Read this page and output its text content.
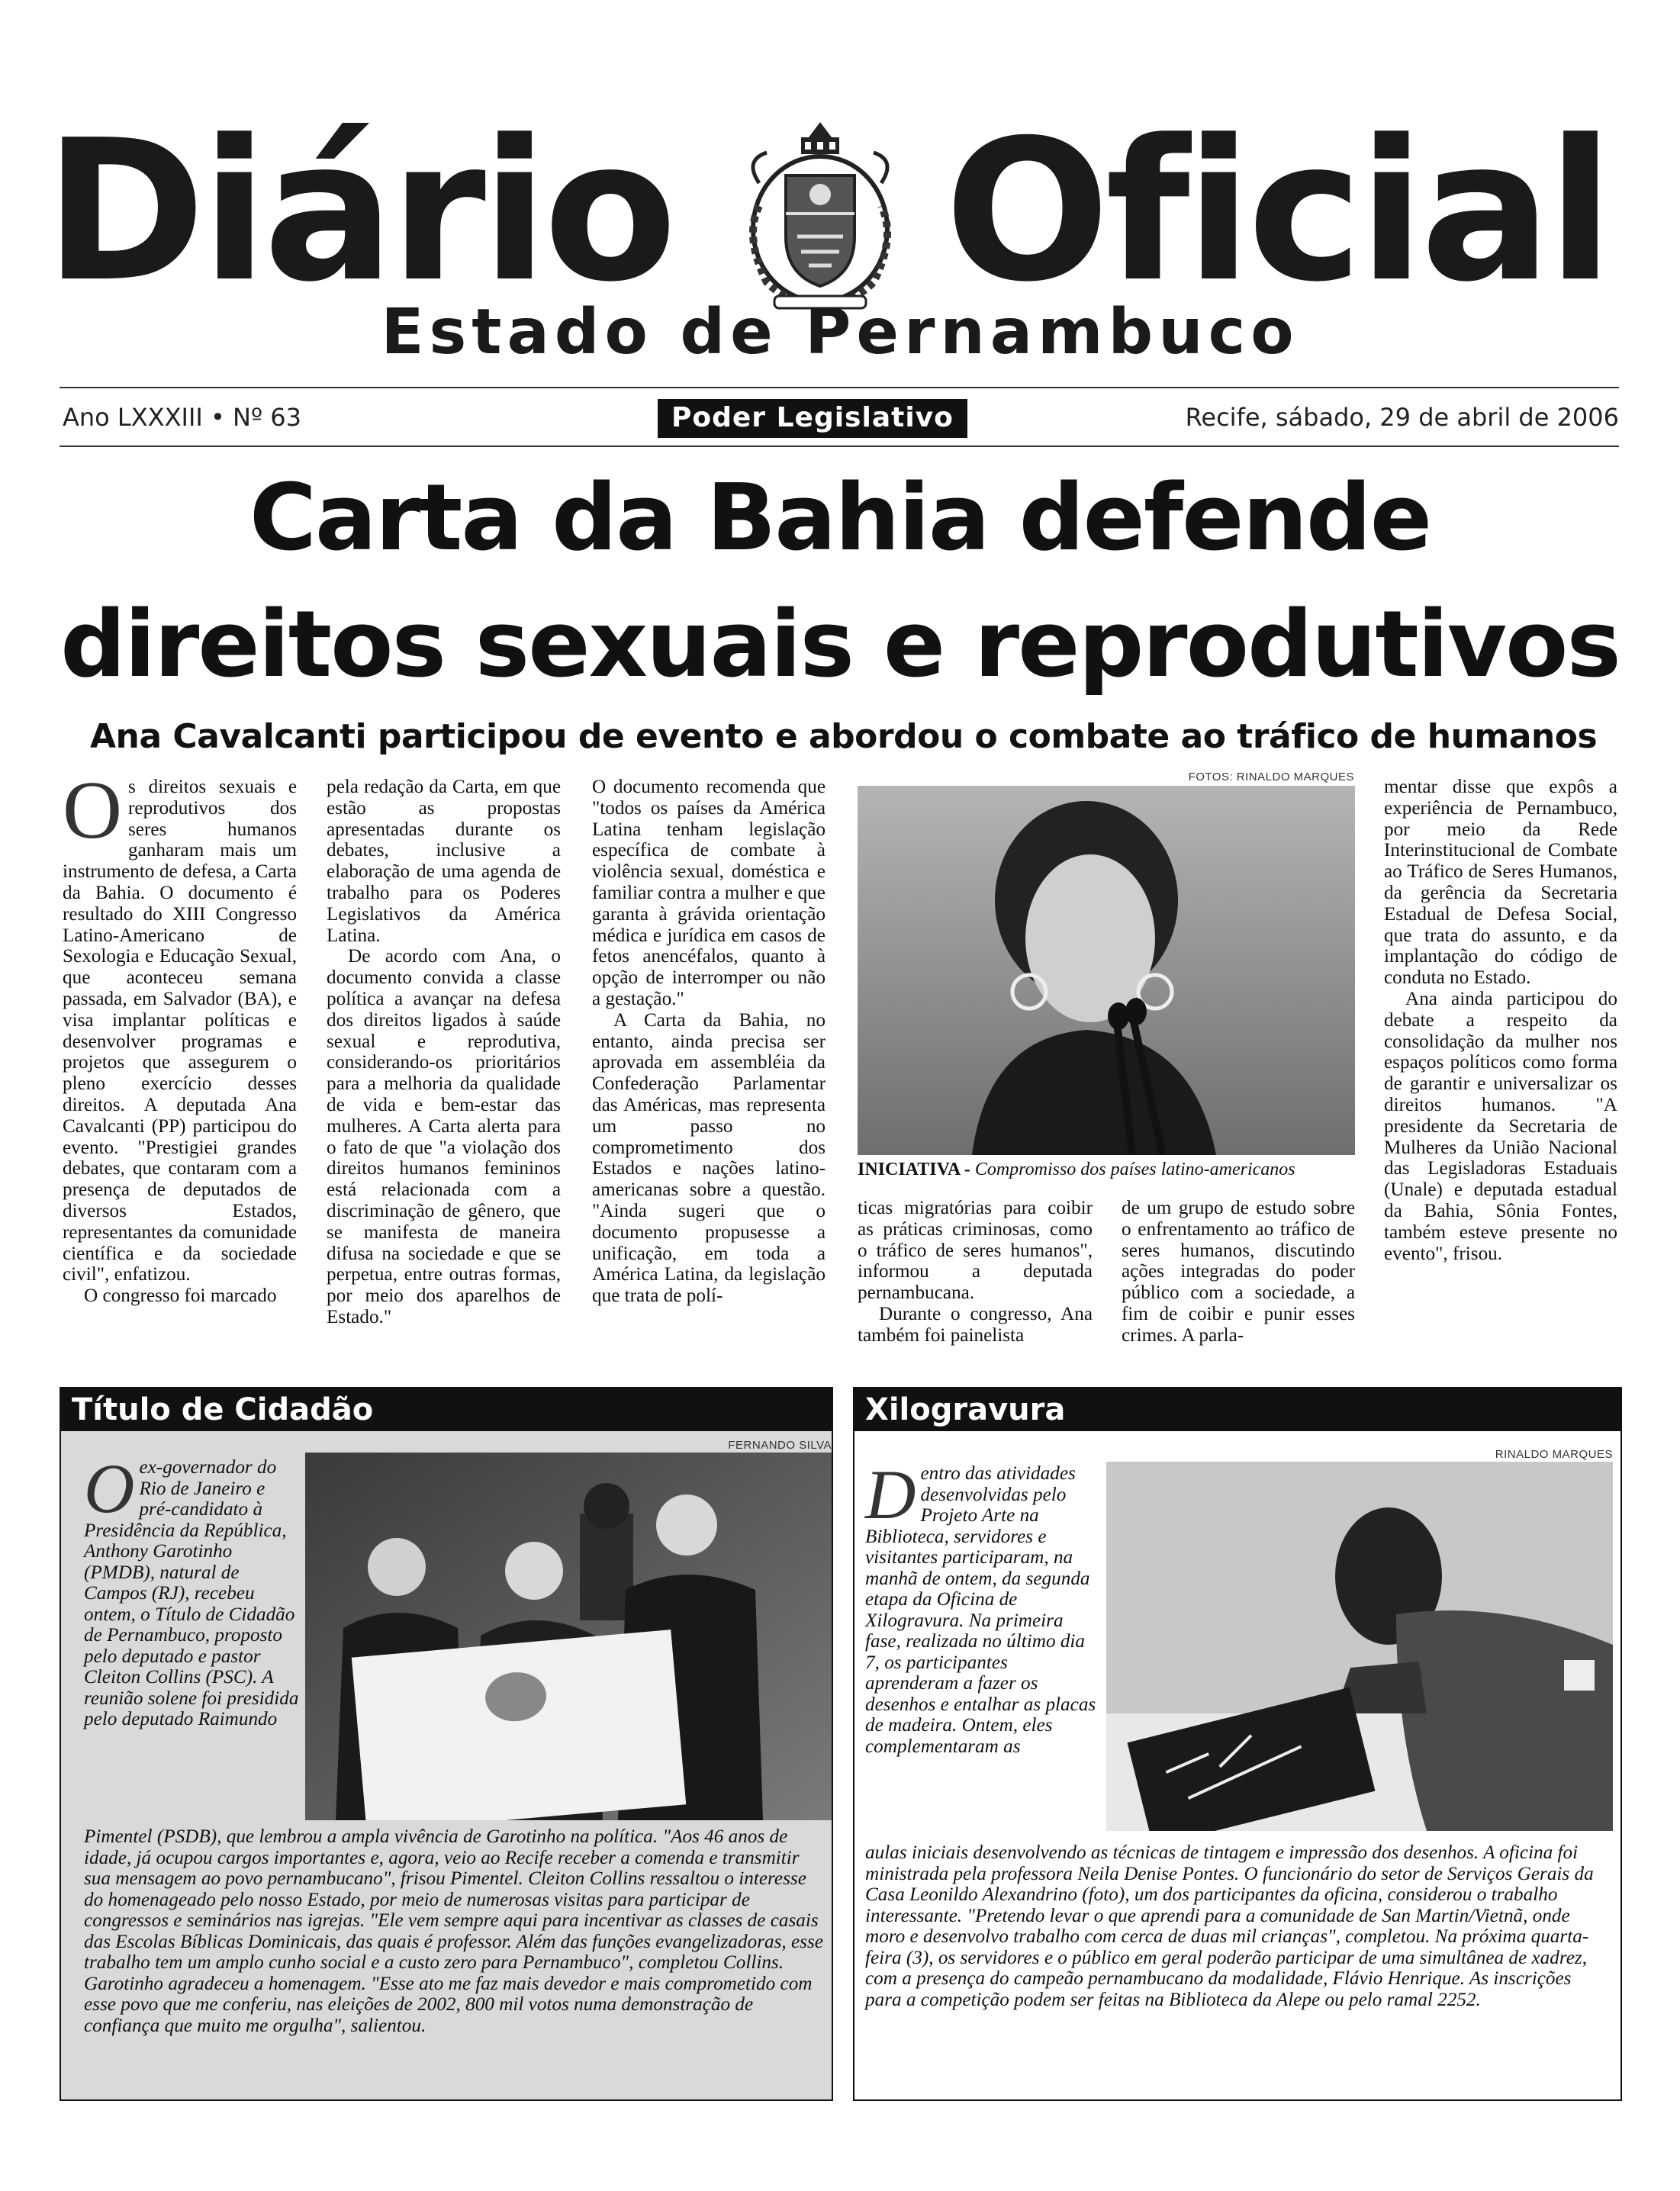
Diário Oficial
Estado de Pernambuco
Ano LXXXIII • Nº 63	Poder Legislativo	Recife, sábado, 29 de abril de 2006
Carta da Bahia defende
direitos sexuais e reprodutivos
Ana Cavalcanti participou de evento e abordou o combate ao tráfico de humanos

Os direitos sexuais e reprodutivos dos seres humanos ganharam mais um instrumento de defesa, a Carta da Bahia. O documento é resultado do XIII Congresso Latino-Americano de Sexologia e Educação Sexual, que aconteceu semana passada, em Salvador (BA), e visa implantar políticas e desenvolver programas e projetos que assegurem o pleno exercício desses direitos. A deputada Ana Cavalcanti (PP) participou do evento. "Prestigiei grandes debates, que contaram com a presença de deputados de diversos Estados, representantes da comunidade científica e da sociedade civil", enfatizou.

O congresso foi marcado

pela redação da Carta, em que estão as propostas apresentadas durante os debates, inclusive a elaboração de uma agenda de trabalho para os Poderes Legislativos da América Latina.

De acordo com Ana, o documento convida a classe política a avançar na defesa dos direitos ligados à saúde sexual e reprodutiva, considerando-os prioritários para a melhoria da qualidade de vida e bem-estar das mulheres. A Carta alerta para o fato de que "a violação dos direitos humanos femininos está relacionada com a discriminação de gênero, que se manifesta de maneira difusa na sociedade e que se perpetua, entre outras formas, por meio dos aparelhos de Estado."

O documento recomenda que "todos os países da América Latina tenham legislação específica de combate à violência sexual, doméstica e familiar contra a mulher e que garanta à grávida orientação médica e jurídica em casos de fetos anencéfalos, quanto à opção de interromper ou não a gestação."

A Carta da Bahia, no entanto, ainda precisa ser aprovada em assembléia da Confederação Parlamentar das Américas, mas representa um passo no comprometimento dos Estados e nações latino-americanas sobre a questão. "Ainda sugeri que o documento propusesse a unificação, em toda a América Latina, da legislação que trata de polí-

FOTOS: RINALDO MARQUES
INICIATIVA - Compromisso dos países latino-americanos

ticas migratórias para coibir as práticas criminosas, como o tráfico de seres humanos", informou a deputada pernambucana.

Durante o congresso, Ana também foi painelista

de um grupo de estudo sobre o enfrentamento ao tráfico de seres humanos, discutindo ações integradas do poder público com a sociedade, a fim de coibir e punir esses crimes. A parla-

mentar disse que expôs a experiência de Pernambuco, por meio da Rede Interinstitucional de Combate ao Tráfico de Seres Humanos, da gerência da Secretaria Estadual de Defesa Social, que trata do assunto, e da implantação do código de conduta no Estado.

Ana ainda participou do debate a respeito da consolidação da mulher nos espaços políticos como forma de garantir e universalizar os direitos humanos. "A presidente da Secretaria de Mulheres da União Nacional das Legisladoras Estaduais (Unale) e deputada estadual da Bahia, Sônia Fontes, também esteve presente no evento", frisou.

Título de Cidadão
FERNANDO SILVA

Oex-governador do Rio de Janeiro e pré-candidato à Presidência da República, Anthony Garotinho (PMDB), natural de Campos (RJ), recebeu ontem, o Título de Cidadão de Pernambuco, proposto pelo deputado e pastor Cleiton Collins (PSC). A reunião solene foi presidida pelo deputado Raimundo

Pimentel (PSDB), que lembrou a ampla vivência de Garotinho na política. "Aos 46 anos de idade, já ocupou cargos importantes e, agora, veio ao Recife receber a comenda e transmitir sua mensagem ao povo pernambucano", frisou Pimentel. Cleiton Collins ressaltou o interesse do homenageado pelo nosso Estado, por meio de numerosas visitas para participar de congressos e seminários nas igrejas. "Ele vem sempre aqui para incentivar as classes de casais das Escolas Bíblicas Dominicais, das quais é professor. Além das funções evangelizadoras, esse trabalho tem um amplo cunho social e a custo zero para Pernambuco", completou Collins. Garotinho agradeceu a homenagem. "Esse ato me faz mais devedor e mais comprometido com esse povo que me conferiu, nas eleições de 2002, 800 mil votos numa demonstração de confiança que muito me orgulha", salientou.

Xilogravura
RINALDO MARQUES

Dentro das atividades desenvolvidas pelo Projeto Arte na Biblioteca, servidores e visitantes participaram, na manhã de ontem, da segunda etapa da Oficina de Xilogravura. Na primeira fase, realizada no último dia 7, os participantes aprenderam a fazer os desenhos e entalhar as placas de madeira. Ontem, eles complementaram as

aulas iniciais desenvolvendo as técnicas de tintagem e impressão dos desenhos. A oficina foi ministrada pela professora Neila Denise Pontes. O funcionário do setor de Serviços Gerais da Casa Leonildo Alexandrino (foto), um dos participantes da oficina, considerou o trabalho interessante. "Pretendo levar o que aprendi para a comunidade de San Martin/Vietnã, onde moro e desenvolvo trabalho com cerca de duas mil crianças", completou. Na próxima quarta-feira (3), os servidores e o público em geral poderão participar de uma simultânea de xadrez, com a presença do campeão pernambucano da modalidade, Flávio Henrique. As inscrições para a competição podem ser feitas na Biblioteca da Alepe ou pelo ramal 2252.
